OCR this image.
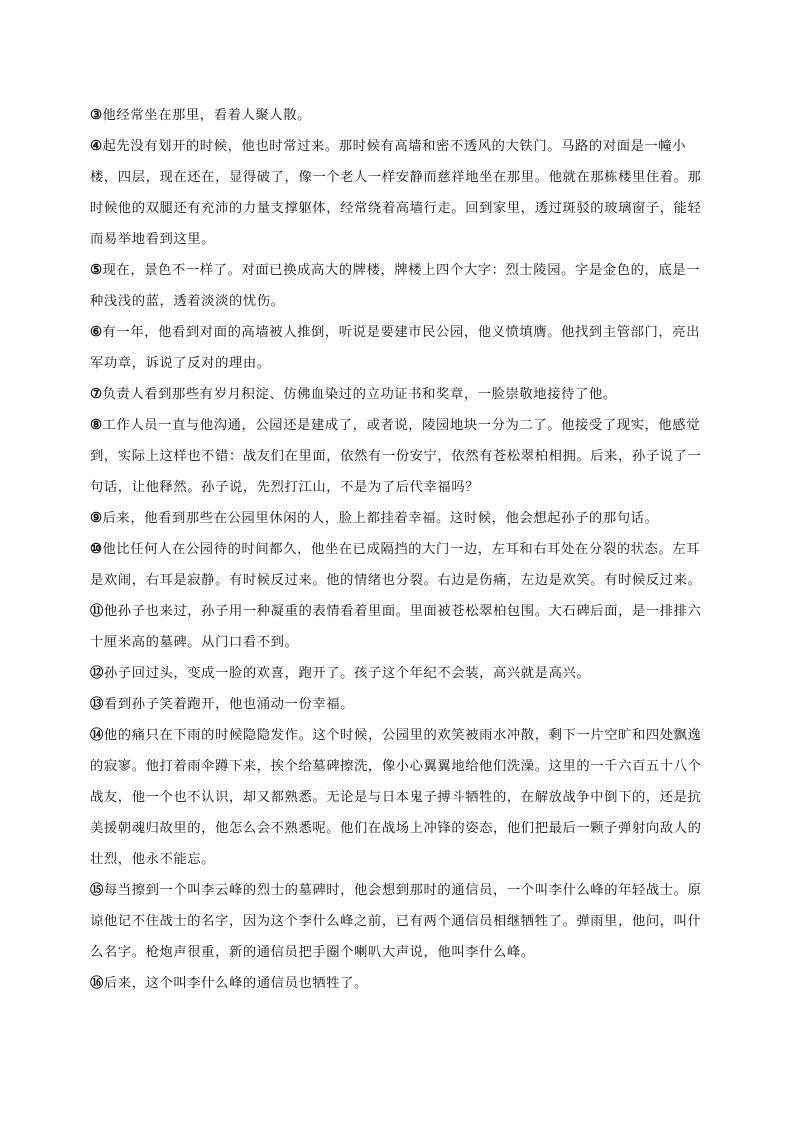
③他经常坐在那里，看着人聚人散。

④起先没有划开的时候，他也时常过来。那时候有高墙和密不透风的大铁门。马路的对面是一幢小楼，四层，现在还在，显得破了，像一个老人一样安静而慈祥地坐在那里。他就在那栋楼里住着。那时候他的双腿还有充沛的力量支撑躯体，经常绕着高墙行走。回到家里，透过斑驳的玻璃窗子，能轻而易举地看到这里。

⑤现在，景色不一样了。对面已换成高大的牌楼，牌楼上四个大字：烈士陵园。字是金色的，底是一种浅浅的蓝，透着淡淡的忧伤。

⑥有一年，他看到对面的高墙被人推倒，听说是要建市民公园，他义愤填膺。他找到主管部门，亮出军功章，诉说了反对的理由。

⑦负责人看到那些有岁月积淀、仿佛血染过的立功证书和奖章，一脸崇敬地接待了他。

⑧工作人员一直与他沟通，公园还是建成了，或者说，陵园地块一分为二了。他接受了现实，他感觉到，实际上这样也不错：战友们在里面，依然有一份安宁，依然有苍松翠柏相拥。后来，孙子说了一句话，让他释然。孙子说，先烈打江山，不是为了后代幸福吗？

⑨后来，他看到那些在公园里休闲的人，脸上都挂着幸福。这时候，他会想起孙子的那句话。

⑩他比任何人在公园待的时间都久，他坐在已成隔挡的大门一边，左耳和右耳处在分裂的状态。左耳是欢闹，右耳是寂静。有时候反过来。他的情绪也分裂。右边是伤痛，左边是欢笑。有时候反过来。

⑪他孙子也来过，孙子用一种凝重的表情看着里面。里面被苍松翠柏包围。大石碑后面，是一排排六十厘米高的墓碑。从门口看不到。

⑫孙子回过头，变成一脸的欢喜，跑开了。孩子这个年纪不会装，高兴就是高兴。

⑬看到孙子笑着跑开，他也涌动一份幸福。

⑭他的痛只在下雨的时候隐隐发作。这个时候，公园里的欢笑被雨水冲散，剩下一片空旷和四处飘逸的寂寥。他打着雨伞蹲下来，挨个给墓碑擦洗，像小心翼翼地给他们洗澡。这里的一千六百五十八个战友，他一个也不认识，却又都熟悉。无论是与日本鬼子搏斗牺牲的，在解放战争中倒下的，还是抗美援朝魂归故里的，他怎么会不熟悉呢。他们在战场上冲锋的姿态，他们把最后一颗子弹射向敌人的壮烈，他永不能忘。

⑮每当擦到一个叫李云峰的烈士的墓碑时，他会想到那时的通信员，一个叫李什么峰的年轻战士。原谅他记不住战士的名字，因为这个李什么峰之前，已有两个通信员相继牺牲了。弹雨里，他问，叫什么名字。枪炮声很重，新的通信员把手圈个喇叭大声说，他叫李什么峰。

⑯后来，这个叫李什么峰的通信员也牺牲了。
